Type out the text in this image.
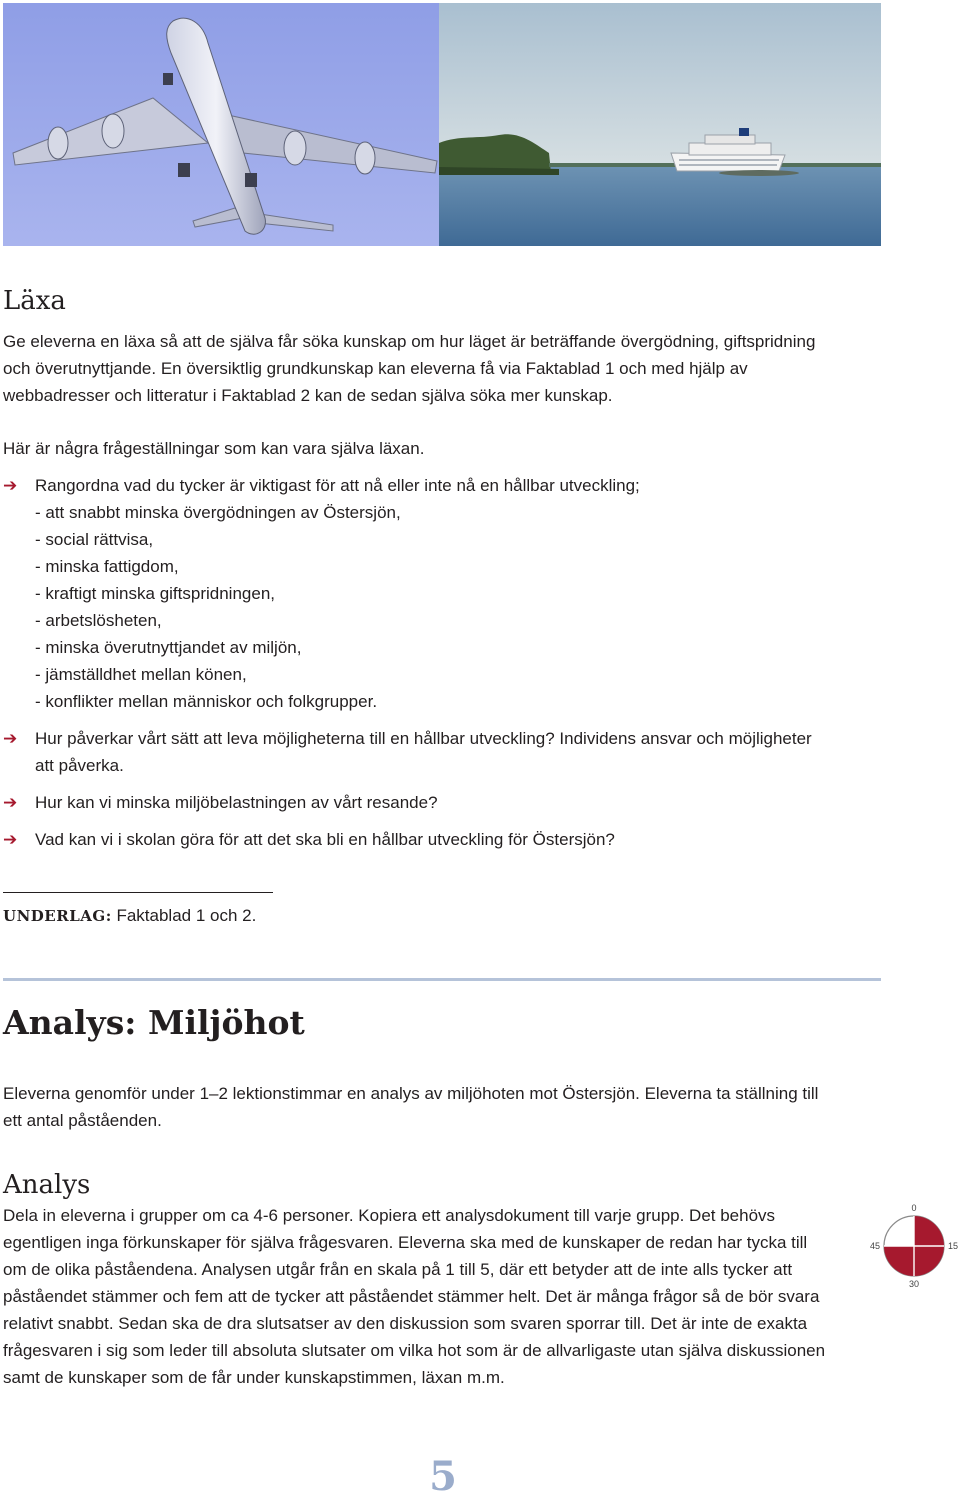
Läxa
Ge eleverna en läxa så att de själva får söka kunskap om hur läget är beträffande övergödning, giftspridning
och överutnyttjande. En översiktlig grundkunskap kan eleverna få via Faktablad 1 och med hjälp av
webbadresser och litteratur i Faktablad 2 kan de sedan själva söka mer kunskap.
Här är några frågeställningar som kan vara själva läxan.
➔ Rangordna vad du tycker är viktigast för att nå eller inte nå en hållbar utveckling;
- att snabbt minska övergödningen av Östersjön,
- social rättvisa,
- minska fattigdom,
- kraftigt minska giftspridningen,
- arbetslösheten,
- minska överutnyttjandet av miljön,
- jämställdhet mellan könen,
- konflikter mellan människor och folkgrupper.
➔ Hur påverkar vårt sätt att leva möjligheterna till en hållbar utveckling? Individens ansvar och möjligheter
att påverka.
➔ Hur kan vi minska miljöbelastningen av vårt resande?
➔ Vad kan vi i skolan göra för att det ska bli en hållbar utveckling för Östersjön?
UNDERLAG: Faktablad 1 och 2.
Analys: Miljöhot
Eleverna genomför under 1–2 lektionstimmar en analys av miljöhoten mot Östersjön. Eleverna ta ställning till
ett antal påståenden.
Analys
Dela in eleverna i grupper om ca 4-6 personer. Kopiera ett analysdokument till varje grupp. Det behövs
egentligen inga förkunskaper för själva frågesvaren. Eleverna ska med de kunskaper de redan har tycka till
om de olika påståendena. Analysen utgår från en skala på 1 till 5, där ett betyder att de inte alls tycker att
påståendet stämmer och fem att de tycker att påståendet stämmer helt. Det är många frågor så de bör svara
relativt snabbt. Sedan ska de dra slutsatser av den diskussion som svaren sporrar till. Det är inte de exakta
frågesvaren i sig som leder till absoluta slutsater om vilka hot som är de allvarligaste utan själva diskussionen
samt de kunskaper som de får under kunskapstimmen, läxan m.m.
0
15
30
45
5
